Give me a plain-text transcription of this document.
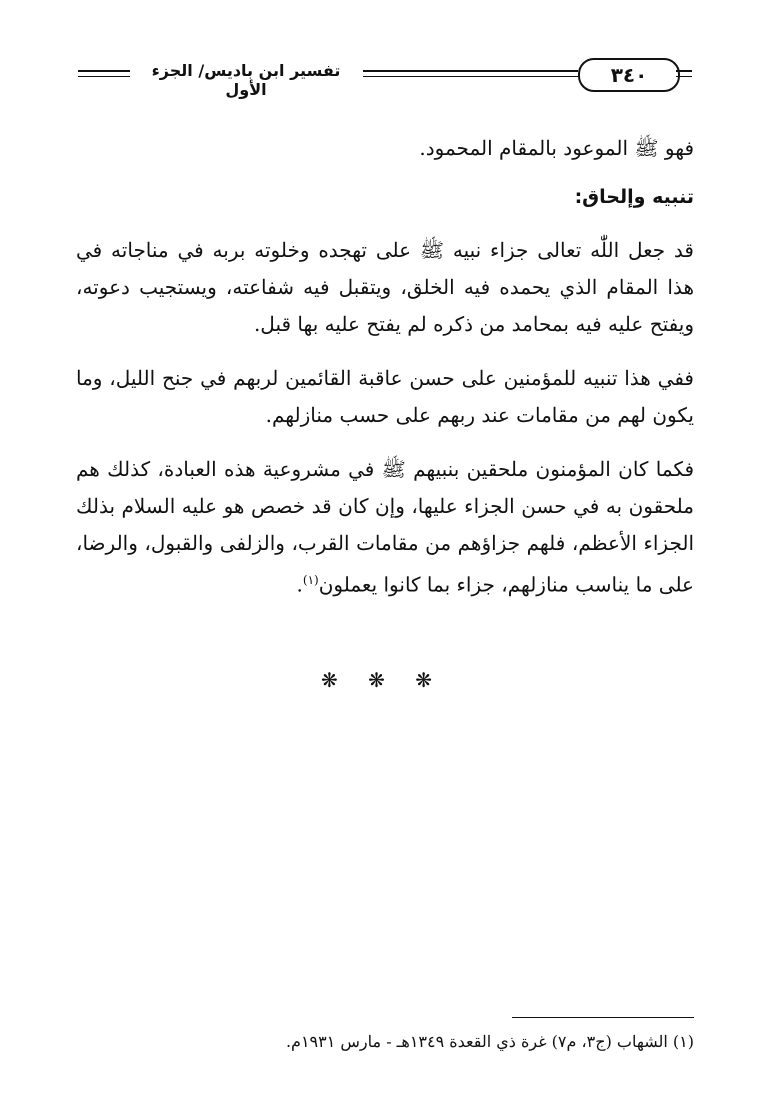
تفسير ابن باديس/ الجزء الأول
٣٤٠

فهو ﷺ الموعود بالمقام المحمود.

تنبيه وإلحاق:

قد جعل اللّٰه تعالى جزاء نبيه ﷺ على تهجده وخلوته بربه في مناجاته في هذا المقام الذي يحمده فيه الخلق، ويتقبل فيه شفاعته، ويستجيب دعوته، ويفتح عليه فيه بمحامد من ذكره لم يفتح عليه بها قبل.

ففي هذا تنبيه للمؤمنين على حسن عاقبة القائمين لربهم في جنح الليل، وما يكون لهم من مقامات عند ربهم على حسب منازلهم.

فكما كان المؤمنون ملحقين بنبيهم ﷺ في مشروعية هذه العبادة، كذلك هم ملحقون به في حسن الجزاء عليها، وإن كان قد خصص هو عليه السلام بذلك الجزاء الأعظم، فلهم جزاؤهم من مقامات القرب، والزلفى والقبول، والرضا، على ما يناسب منازلهم، جزاء بما كانوا يعملون$^{(١)}$.

❋ ❋ ❋
(١) الشهاب (ج٣، م٧) غرة ذي القعدة ١٣٤٩هـ - مارس ١٩٣١م.
